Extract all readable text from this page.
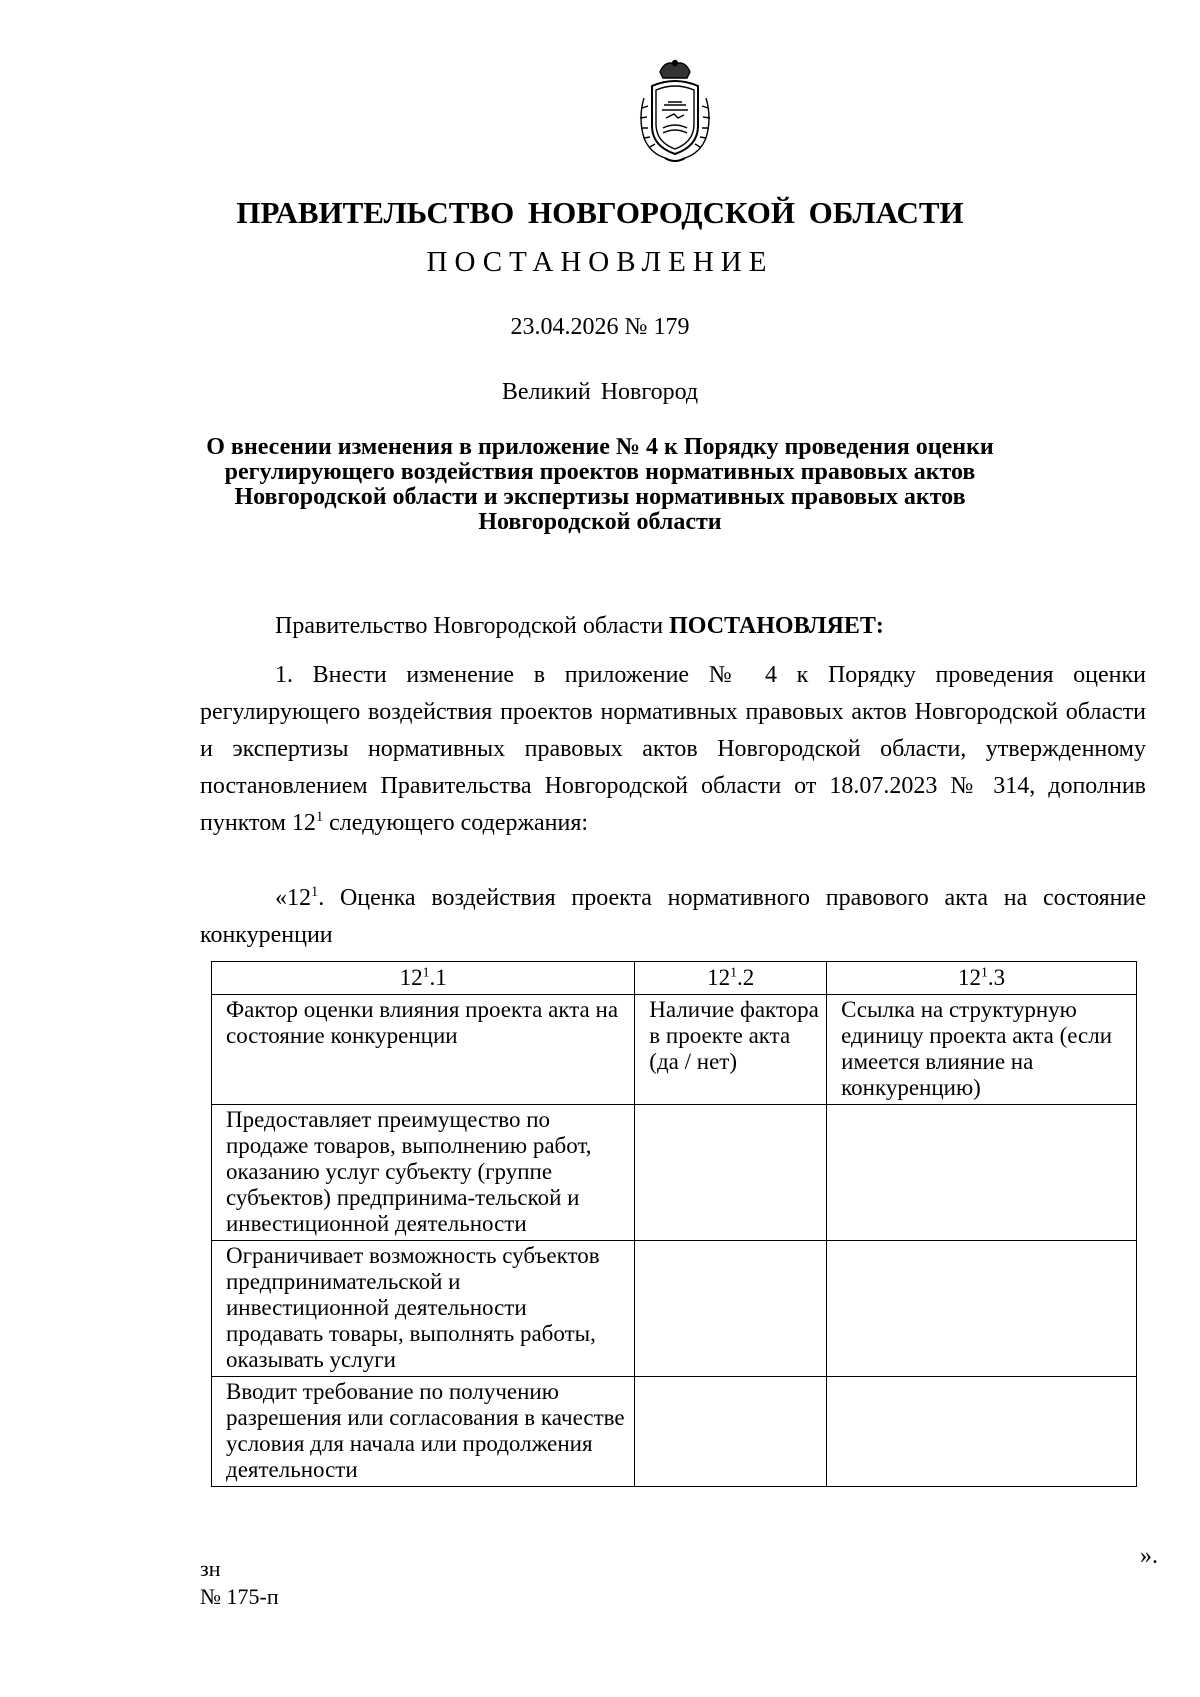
ПРАВИТЕЛЬСТВО НОВГОРОДСКОЙ ОБЛАСТИ
ПОСТАНОВЛЕНИЕ
23.04.2026 № 179
Великий Новгород
О внесении изменения в приложение № 4 к Порядку проведения оценки
регулирующего воздействия проектов нормативных правовых актов
Новгородской области и экспертизы нормативных правовых актов
Новгородской области
Правительство Новгородской области ПОСТАНОВЛЯЕТ:
1. Внести изменение в приложение № 4 к Порядку проведения оценки регулирующего воздействия проектов нормативных правовых актов Новгородской области и экспертизы нормативных правовых актов Новгородской области, утвержденному постановлением Правительства Новгородской области от 18.07.2023 № 314, дополнив пунктом $12^1$ следующего содержания:
«$12^1$. Оценка воздействия проекта нормативного правового акта на состояние конкуренции
$12^1.1$	$12^1.2$	$12^1.3$
Фактор оценки влияния проекта акта на состояние конкуренции	Наличие фактора в проекте акта (да / нет)	Ссылка на структурную единицу проекта акта (если имеется влияние на конкуренцию)
Предоставляет преимущество по продаже товаров, выполнению работ, оказанию услуг субъекту (группе субъектов) предпринима-тельской и инвестиционной деятельности		
Ограничивает возможность субъектов предпринимательской и инвестиционной деятельности продавать товары, выполнять работы, оказывать услуги		
Вводит требование по получению разрешения или согласования в качестве условия для начала или продолжения деятельности		
».
зн
№ 175-п
